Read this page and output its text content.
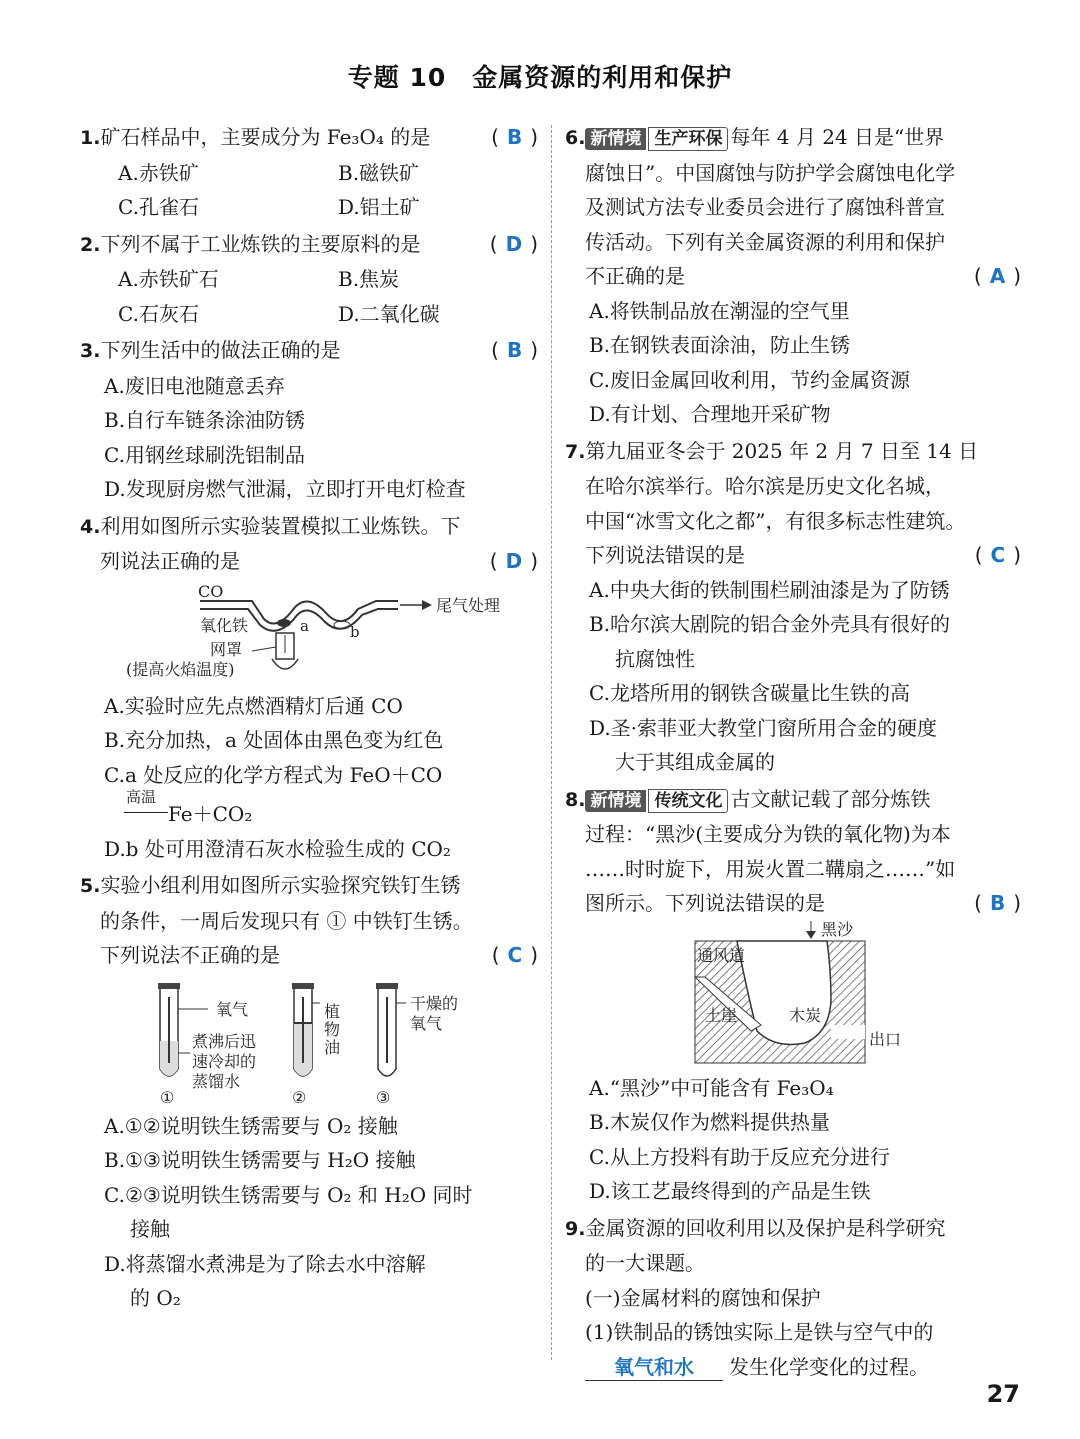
专题 10　金属资源的利用和保护
1.矿石样品中，主要成分为 Fe₃O₄ 的是	( B )
A.赤铁矿	B.磁铁矿
C.孔雀石	D.铝土矿
2.下列不属于工业炼铁的主要原料的是	( D )
A.赤铁矿石	B.焦炭
C.石灰石	D.二氧化碳
3.下列生活中的做法正确的是	( B )
A.废旧电池随意丢弃
B.自行车链条涂油防锈
C.用钢丝球刷洗铝制品
D.发现厨房燃气泄漏，立即打开电灯检查
4.利用如图所示实验装置模拟工业炼铁。下
列说法正确的是	( D )
CO
尾气处理
氧化铁	a	b
网罩
(提高火焰温度)
A.实验时应先点燃酒精灯后通 CO
B.充分加热，a 处固体由黑色变为红色
C.a 处反应的化学方程式为 FeO＋CO
高温
Fe＋CO₂
D.b 处可用澄清石灰水检验生成的 CO₂
5.实验小组利用如图所示实验探究铁钉生锈
的条件，一周后发现只有 ① 中铁钉生锈。
下列说法不正确的是	( C )
氧气
煮沸后迅
速冷却的
蒸馏水
①
植
物
油
②
干燥的
氧气
③
A.①②说明铁生锈需要与 O₂ 接触
B.①③说明铁生锈需要与 H₂O 接触
C.②③说明铁生锈需要与 O₂ 和 H₂O 同时
接触
D.将蒸馏水煮沸是为了除去水中溶解
的 O₂
6. 新情境 生产环保 每年 4 月 24 日是“世界
腐蚀日”。中国腐蚀与防护学会腐蚀电化学
及测试方法专业委员会进行了腐蚀科普宣
传活动。下列有关金属资源的利用和保护
不正确的是	( A )
A.将铁制品放在潮湿的空气里
B.在钢铁表面涂油，防止生锈
C.废旧金属回收利用，节约金属资源
D.有计划、合理地开采矿物
7.第九届亚冬会于 2025 年 2 月 7 日至 14 日
在哈尔滨举行。哈尔滨是历史文化名城，
中国“冰雪文化之都”，有很多标志性建筑。
下列说法错误的是	( C )
A.中央大街的铁制围栏刷油漆是为了防锈
B.哈尔滨大剧院的铝合金外壳具有很好的
抗腐蚀性
C.龙塔所用的钢铁含碳量比生铁的高
D.圣·索菲亚大教堂门窗所用合金的硬度
大于其组成金属的
8. 新情境 传统文化 古文献记载了部分炼铁
过程：“黑沙(主要成分为铁的氧化物)为本
……时时旋下，用炭火置二鞲扇之……”如
图所示。下列说法错误的是	( B )
黑沙
通风道
土崖	木炭
出口
A.“黑沙”中可能含有 Fe₃O₄
B.木炭仅作为燃料提供热量
C.从上方投料有助于反应充分进行
D.该工艺最终得到的产品是生铁
9.金属资源的回收利用以及保护是科学研究
的一大课题。
(一)金属材料的腐蚀和保护
(1)铁制品的锈蚀实际上是铁与空气中的
氧气和水 发生化学变化的过程。
27
